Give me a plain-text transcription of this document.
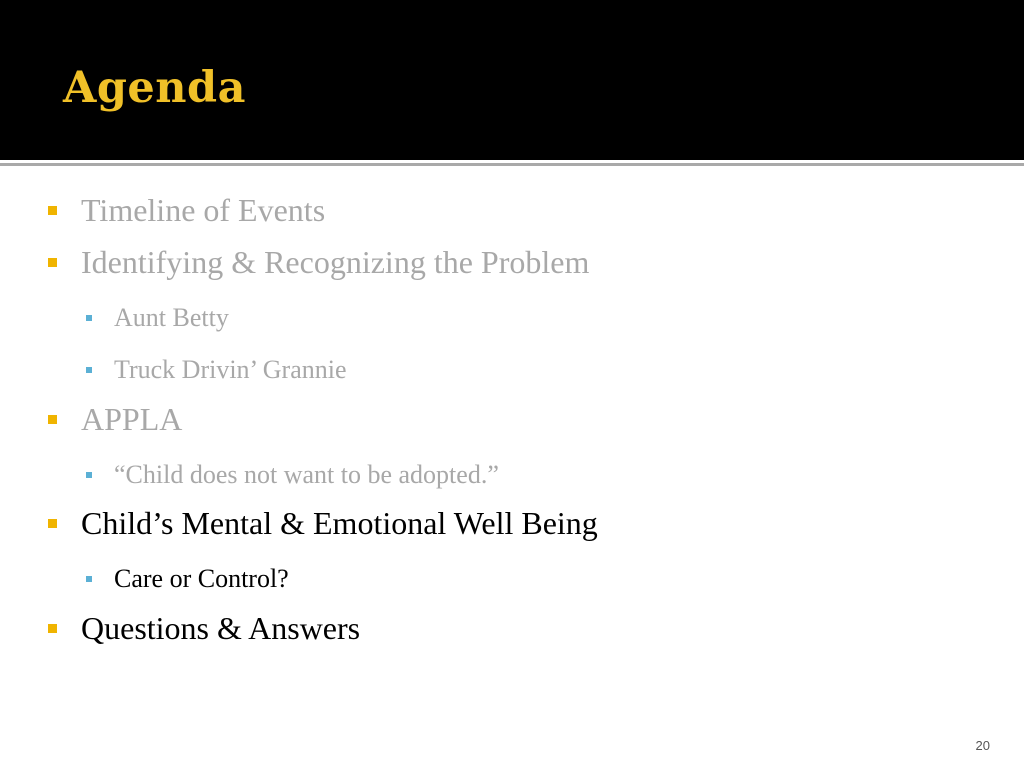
Agenda
Timeline of Events
Identifying & Recognizing the Problem
Aunt Betty
Truck Drivin’ Grannie
APPLA
“Child does not want to be adopted.”
Child’s Mental & Emotional Well Being
Care or Control?
Questions & Answers
20
